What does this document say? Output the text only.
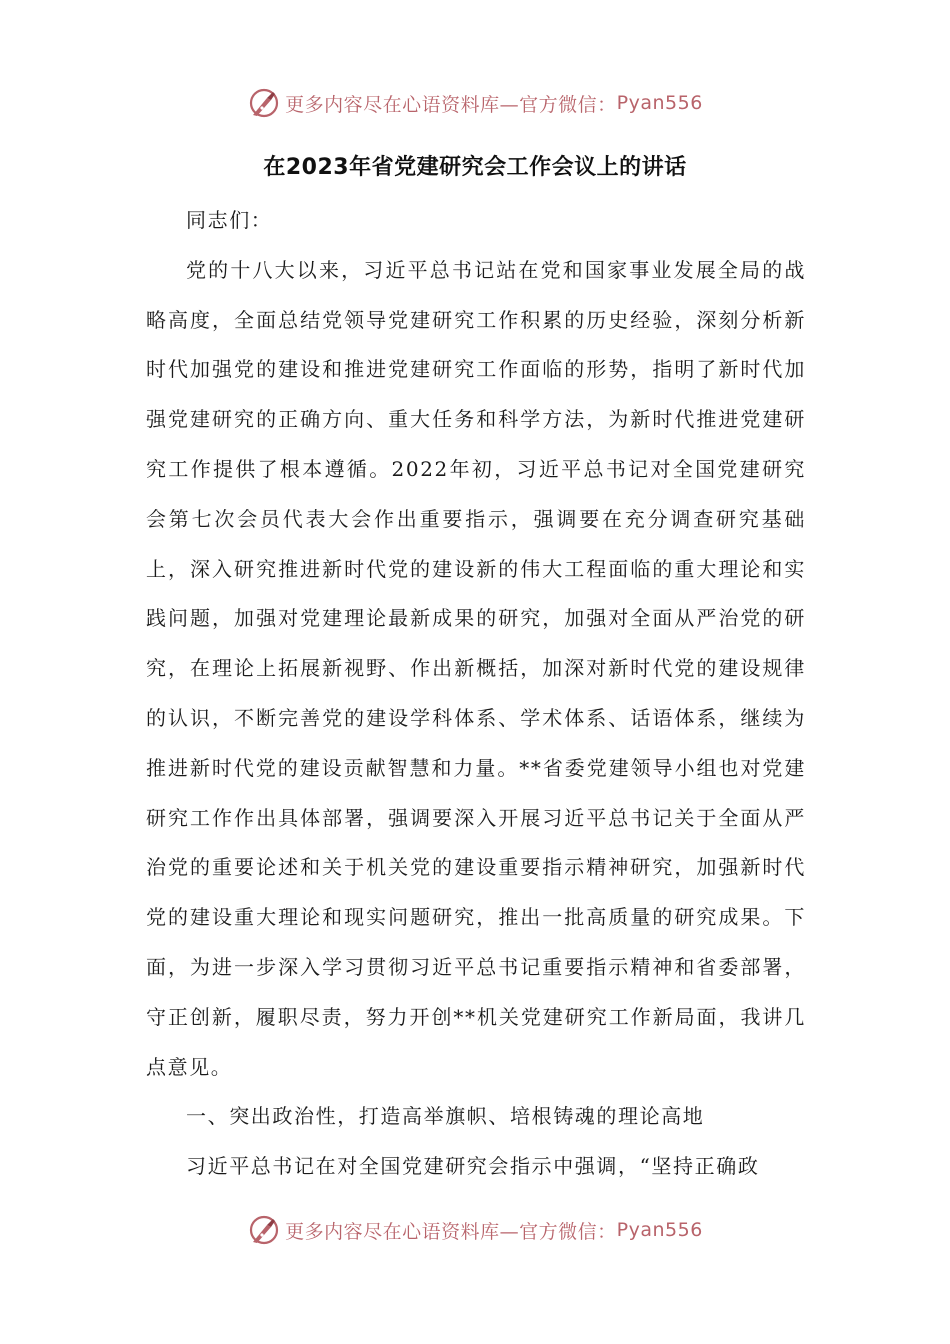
更多内容尽在心语资料库—官方微信： Pyan556
在2023年省党建研究会工作会议上的讲话

同志们：

党的十八大以来，习近平总书记站在党和国家事业发展全局的战略高度，全面总结党领导党建研究工作积累的历史经验，深刻分析新时代加强党的建设和推进党建研究工作面临的形势，指明了新时代加强党建研究的正确方向、重大任务和科学方法，为新时代推进党建研究工作提供了根本遵循。2022年初，习近平总书记对全国党建研究会第七次会员代表大会作出重要指示，强调要在充分调查研究基础上，深入研究推进新时代党的建设新的伟大工程面临的重大理论和实践问题，加强对党建理论最新成果的研究，加强对全面从严治党的研究，在理论上拓展新视野、作出新概括，加深对新时代党的建设规律的认识，不断完善党的建设学科体系、学术体系、话语体系，继续为推进新时代党的建设贡献智慧和力量。**省委党建领导小组也对党建研究工作作出具体部署，强调要深入开展习近平总书记关于全面从严治党的重要论述和关于机关党的建设重要指示精神研究，加强新时代党的建设重大理论和现实问题研究，推出一批高质量的研究成果。下面，为进一步深入学习贯彻习近平总书记重要指示精神和省委部署，守正创新，履职尽责，努力开创**机关党建研究工作新局面，我讲几点意见。

一、突出政治性，打造高举旗帜、培根铸魂的理论高地

习近平总书记在对全国党建研究会指示中强调，“坚持正确政

更多内容尽在心语资料库—官方微信： Pyan556
